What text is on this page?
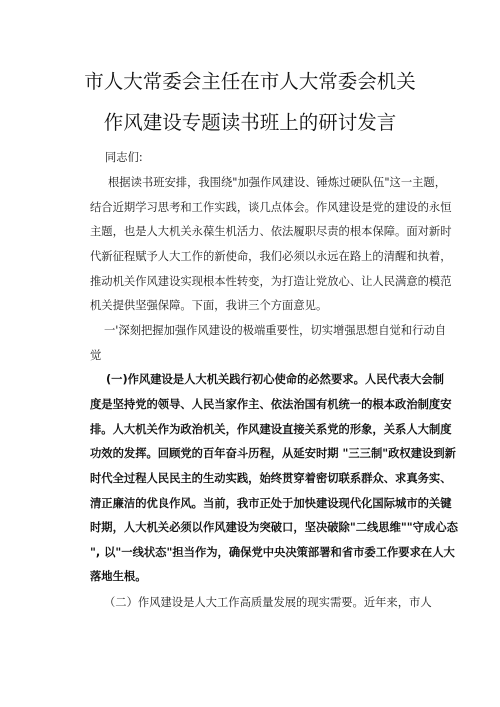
市人大常委会主任在市人大常委会机关
作风建设专题读书班上的研讨发言
同志们:
根据读书班安排，我围绕"加强作风建设、锤炼过硬队伍"这一主题，
结合近期学习思考和工作实践，谈几点体会。作风建设是党的建设的永恒
主题，也是人大机关永葆生机活力、依法履职尽责的根本保障。面对新时
代新征程赋予人大工作的新使命，我们必须以永远在路上的清醒和执着，
推动机关作风建设实现根本性转变，为打造让党放心、让人民满意的模范
机关提供坚强保障。下面，我讲三个方面意见。
一'深刻把握加强作风建设的极端重要性，切实增强思想自觉和行动自
觉
(一)作风建设是人大机关践行初心使命的必然要求。人民代表大会制
度是坚持党的领导、人民当家作主、依法治国有机统一的根本政治制度安
排。人大机关作为政治机关，作风建设直接关系党的形象，关系人大制度
功效的发挥。回顾党的百年奋斗历程，从延安时期 "三三制"政权建设到新
时代全过程人民民主的生动实践，始终贯穿着密切联系群众、求真务实、
清正廉洁的优良作风。当前，我市正处于加快建设现代化国际城市的关键
时期，人大机关必须以作风建设为突破口，坚决破除"二线思维""守成心态
", 以"一线状态"担当作为，确保党中央决策部署和省市委工作要求在人大
落地生根。
（二）作风建设是人大工作高质量发展的现实需要。近年来，市人
